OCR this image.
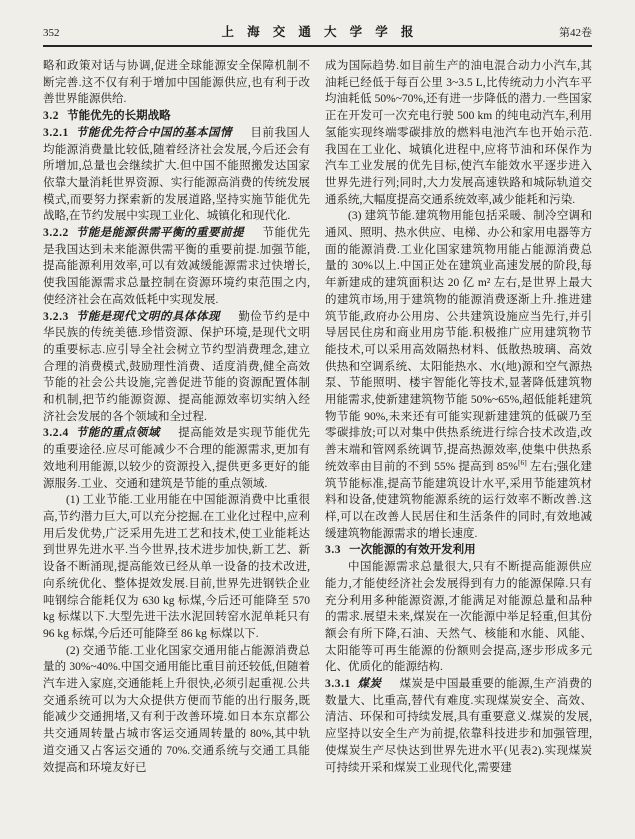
352	上海交通大学学报	第42卷

略和政策对话与协调,促进全球能源安全保障机制不断完善.这不仅有利于增加中国能源供应,也有利于改善世界能源供给.

3.2 节能优先的长期战略

3.2.1 节能优先符合中国的基本国情 目前我国人均能源消费量比较低,随着经济社会发展,今后还会有所增加,总量也会继续扩大.但中国不能照搬发达国家依靠大量消耗世界资源、实行能源高消费的传统发展模式,而要努力探索新的发展道路,坚持实施节能优先战略,在节约发展中实现工业化、城镇化和现代化.

3.2.2 节能是能源供需平衡的重要前提 节能优先是我国达到未来能源供需平衡的重要前提.加强节能,提高能源利用效率,可以有效减缓能源需求过快增长,使我国能源需求总量控制在资源环境约束范围之内,使经济社会在高效低耗中实现发展.

3.2.3 节能是现代文明的具体体现 勤俭节约是中华民族的传统美德.珍惜资源、保护环境,是现代文明的重要标志.应引导全社会树立节约型消费理念,建立合理的消费模式,鼓励理性消费、适度消费,健全高效节能的社会公共设施,完善促进节能的资源配置体制和机制,把节约能源资源、提高能源效率切实纳入经济社会发展的各个领域和全过程.

3.2.4 节能的重点领域 提高能效是实现节能优先的重要途径.应尽可能减少不合理的能源需求,更加有效地利用能源,以较少的资源投入,提供更多更好的能源服务.工业、交通和建筑是节能的重点领域.

(1) 工业节能.工业用能在中国能源消费中比重很高,节约潜力巨大,可以充分挖掘.在工业化过程中,应利用后发优势,广泛采用先进工艺和技术,使工业能耗达到世界先进水平.当今世界,技术进步加快,新工艺、新设备不断涌现,提高能效已经从单一设备的技术改进,向系统优化、整体提效发展.目前,世界先进钢铁企业吨钢综合能耗仅为 630 kg 标煤,今后还可能降至 570 kg 标煤以下.大型先进干法水泥回转窑水泥单耗只有 96 kg 标煤,今后还可能降至 86 kg 标煤以下.

(2) 交通节能.工业化国家交通用能占能源消费总量的 30%~40%.中国交通用能比重目前还较低,但随着汽车进入家庭,交通能耗上升很快,必须引起重视.公共交通系统可以为大众提供方便而节能的出行服务,既能减少交通拥堵,又有利于改善环境.如日本东京都公共交通周转量占城市客运交通周转量的 80%,其中轨道交通又占客运交通的 70%.交通系统与交通工具能效提高和环境友好已

成为国际趋势.如目前生产的油电混合动力小汽车,其油耗已经低于每百公里 3~3.5 L,比传统动力小汽车平均油耗低 50%~70%,还有进一步降低的潜力.一些国家正在开发可一次充电行驶 500 km 的纯电动汽车,利用氢能实现终端零碳排放的燃料电池汽车也开始示范.我国在工业化、城镇化进程中,应将节油和环保作为汽车工业发展的优先目标,使汽车能效水平逐步进入世界先进行列;同时,大力发展高速铁路和城际轨道交通系统,大幅度提高交通系统效率,减少能耗和污染.

(3) 建筑节能.建筑物用能包括采暖、制冷空调和通风、照明、热水供应、电梯、办公和家用电器等方面的能源消费.工业化国家建筑物用能占能源消费总量的 30%以上.中国正处在建筑业高速发展的阶段,每年新建成的建筑面积达 20 亿 m² 左右,是世界上最大的建筑市场,用于建筑物的能源消费逐渐上升.推进建筑节能,政府办公用房、公共建筑设施应当先行,并引导居民住房和商业用房节能.积极推广应用建筑物节能技术,可以采用高效隔热材料、低散热玻璃、高效供热和空调系统、太阳能热水、水(地)源和空气源热泵、节能照明、楼宇智能化等技术,显著降低建筑物用能需求,使新建建筑物节能 50%~65%,超低能耗建筑物节能 90%,未来还有可能实现新建建筑的低碳乃至零碳排放;可以对集中供热系统进行综合技术改造,改善末端和管网系统调节,提高热源效率,使集中供热系统效率由目前的不到 55% 提高到 85%[6] 左右;强化建筑节能标准,提高节能建筑设计水平,采用节能建筑材料和设备,使建筑物能源系统的运行效率不断改善.这样,可以在改善人民居住和生活条件的同时,有效地减缓建筑物能源需求的增长速度.

3.3 一次能源的有效开发利用

中国能源需求总量很大,只有不断提高能源供应能力,才能使经济社会发展得到有力的能源保障.只有充分利用多种能源资源,才能满足对能源总量和品种的需求.展望未来,煤炭在一次能源中举足轻重,但其份额会有所下降,石油、天然气、核能和水能、风能、太阳能等可再生能源的份额则会提高,逐步形成多元化、优质化的能源结构.

3.3.1 煤炭 煤炭是中国最重要的能源,生产消费的数量大、比重高,替代有难度.实现煤炭安全、高效、清洁、环保和可持续发展,具有重要意义.煤炭的发展,应坚持以安全生产为前提,依靠科技进步和加强管理,使煤炭生产尽快达到世界先进水平(见表2).实现煤炭可持续开采和煤炭工业现代化,需要建
